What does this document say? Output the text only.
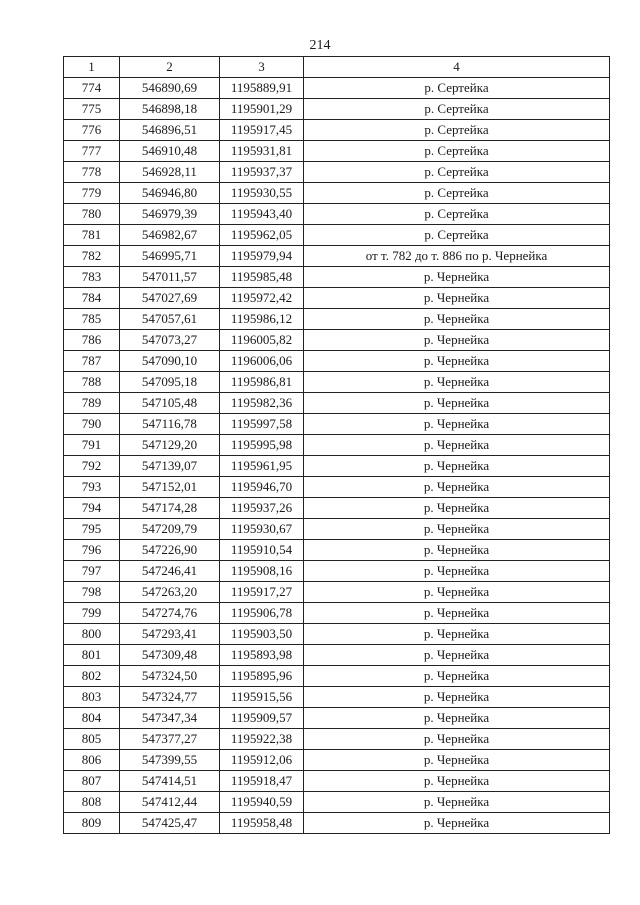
214
1	2	3	4
774	546890,69	1195889,91	р. Сертейка
775	546898,18	1195901,29	р. Сертейка
776	546896,51	1195917,45	р. Сертейка
777	546910,48	1195931,81	р. Сертейка
778	546928,11	1195937,37	р. Сертейка
779	546946,80	1195930,55	р. Сертейка
780	546979,39	1195943,40	р. Сертейка
781	546982,67	1195962,05	р. Сертейка
782	546995,71	1195979,94	от т. 782 до т. 886 по р. Чернейка
783	547011,57	1195985,48	р. Чернейка
784	547027,69	1195972,42	р. Чернейка
785	547057,61	1195986,12	р. Чернейка
786	547073,27	1196005,82	р. Чернейка
787	547090,10	1196006,06	р. Чернейка
788	547095,18	1195986,81	р. Чернейка
789	547105,48	1195982,36	р. Чернейка
790	547116,78	1195997,58	р. Чернейка
791	547129,20	1195995,98	р. Чернейка
792	547139,07	1195961,95	р. Чернейка
793	547152,01	1195946,70	р. Чернейка
794	547174,28	1195937,26	р. Чернейка
795	547209,79	1195930,67	р. Чернейка
796	547226,90	1195910,54	р. Чернейка
797	547246,41	1195908,16	р. Чернейка
798	547263,20	1195917,27	р. Чернейка
799	547274,76	1195906,78	р. Чернейка
800	547293,41	1195903,50	р. Чернейка
801	547309,48	1195893,98	р. Чернейка
802	547324,50	1195895,96	р. Чернейка
803	547324,77	1195915,56	р. Чернейка
804	547347,34	1195909,57	р. Чернейка
805	547377,27	1195922,38	р. Чернейка
806	547399,55	1195912,06	р. Чернейка
807	547414,51	1195918,47	р. Чернейка
808	547412,44	1195940,59	р. Чернейка
809	547425,47	1195958,48	р. Чернейка
